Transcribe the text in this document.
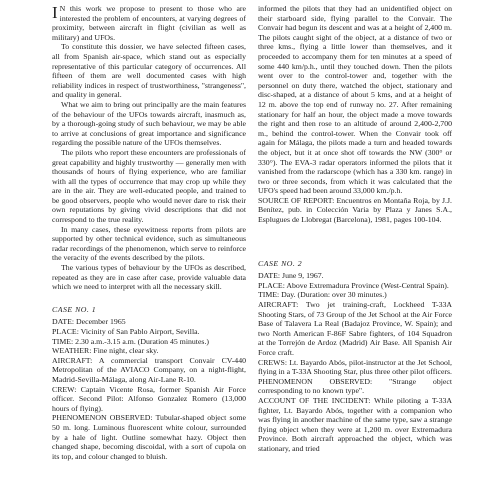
I N this work we propose to present to those who are interested the problem of encounters, at varying degrees of proximity, between aircraft in flight (civilian as well as military) and UFOs.

To constitute this dossier, we have selected fifteen cases, all from Spanish air-space, which stand out as especially representative of this particular category of occurrences. All fifteen of them are well documented cases with high reliability indices in respect of trustworthiness, "strangeness", and quality in general.

What we aim to bring out principally are the main features of the behaviour of the UFOs towards aircraft, inasmuch as, by a thorough-going study of such behaviour, we may be able to arrive at conclusions of great importance and significance regarding the possible nature of the UFOs themselves.

The pilots who report these encounters are professionals of great capability and highly trustworthy — generally men with thousands of hours of flying experience, who are familiar with all the types of occurrence that may crop up while they are in the air. They are well-educated people, and trained to be good observers, people who would never dare to risk their own reputations by giving vivid descriptions that did not correspond to the true reality.

In many cases, these eyewitness reports from pilots are supported by other technical evidence, such as simultaneous radar recordings of the phenomenon, which serve to reinforce the veracity of the events described by the pilots.

The various types of behaviour by the UFOs as described, repeated as they are in case after case, provide valuable data which we need to interpret with all the necessary skill.

CASE NO. 1

DATE: December 1965

PLACE: Vicinity of San Pablo Airport, Sevilla.

TIME: 2.30 a.m.-3.15 a.m. (Duration 45 minutes.)

WEATHER: Fine night, clear sky.

AIRCRAFT: A commercial transport Convair CV-440 Metropolitan of the AVIACO Company, on a night-flight, Madrid-Sevilla-Málaga, along Air-Lane R-10.

CREW: Captain Vicente Rosa, former Spanish Air Force officer. Second Pilot: Alfonso Gonzalez Romero (13,000 hours of flying).

PHENOMENON OBSERVED: Tubular-shaped object some 50 m. long. Luminous fluorescent white colour, surrounded by a hale of light. Outline somewhat hazy. Object then changed shape, becoming discoidal, with a sort of cupola on its top, and colour changed to bluish.

informed the pilots that they had an unidentified object on their starboard side, flying parallel to the Convair. The Convair had begun its descent and was at a height of 2,400 m. The pilots caught sight of the object, at a distance of two or three kms., flying a little lower than themselves, and it proceeded to accompany them for ten minutes at a speed of some 440 km/p.h., until they touched down. Then the pilots went over to the control-tower and, together with the personnel on duty there, watched the object, stationary and disc-shaped, at a distance of about 5 kms, and at a height of 12 m. above the top end of runway no. 27. After remaining stationary for half an hour, the object made a move towards the right and then rose to an altitude of around 2,400-2,700 m., behind the control-tower. When the Convair took off again for Málaga, the pilots made a turn and headed towards the object, but it at once shot off towards the NW (300° or 330°). The EVA-3 radar operators informed the pilots that it vanished from the radarscope (which has a 330 km. range) in two or three seconds, from which it was calculated that the UFO's speed had been around 33,000 km./p.h.

SOURCE OF REPORT: Encuentros en Montaña Roja, by J.J. Benítez, pub. in Colección Varia by Plaza y Janes S.A., Esplugues de Llobregat (Barcelona), 1981, pages 100-104.

CASE NO. 2

DATE: June 9, 1967.

PLACE: Above Extremadura Province (West-Central Spain).

TIME: Day. (Duration: over 30 minutes.)

AIRCRAFT: Two jet training-craft, Lockheed T-33A Shooting Stars, of 73 Group of the Jet School at the Air Force Base of Talavera La Real (Badajoz Province, W. Spain); and two North American F-86F Sabre fighters, of 104 Squadron at the Torrejón de Ardoz (Madrid) Air Base. All Spanish Air Force craft.

CREWS: Lt. Bayardo Abós, pilot-instructor at the Jet School, flying in a T-33A Shooting Star, plus three other pilot officers.

PHENOMENON OBSERVED: "Strange object corresponding to no known type".

ACCOUNT OF THE INCIDENT: While piloting a T-33A fighter, Lt. Bayardo Abós, together with a companion who was flying in another machine of the same type, saw a strange flying object when they were at 1,200 m. over Extremadura Province. Both aircraft approached the object, which was stationary, and tried
